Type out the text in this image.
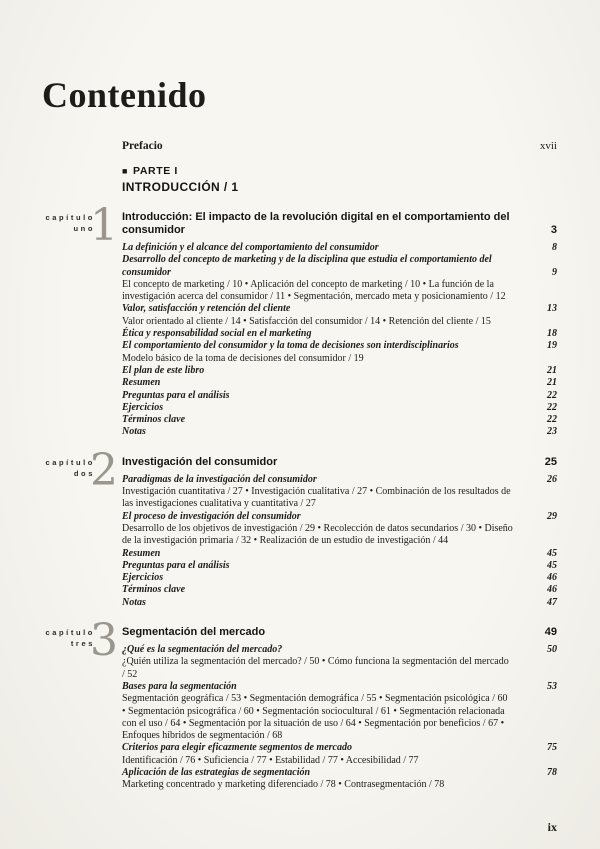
Contenido
Prefacio	xvii
■ PARTE I
INTRODUCCIÓN / 1
capítulo
uno
1 Introducción: El impacto de la revolución digital en el comportamiento del consumidor	3
La definición y el alcance del comportamiento del consumidor	8
Desarrollo del concepto de marketing y de la disciplina que estudia el comportamiento del consumidor	9
El concepto de marketing / 10 • Aplicación del concepto de marketing / 10 • La función de la investigación acerca del consumidor / 11 • Segmentación, mercado meta y posicionamiento / 12
Valor, satisfacción y retención del cliente	13
Valor orientado al cliente / 14 • Satisfacción del consumidor / 14 • Retención del cliente / 15
Ética y responsabilidad social en el marketing	18
El comportamiento del consumidor y la toma de decisiones son interdisciplinarios	19
Modelo básico de la toma de decisiones del consumidor / 19
El plan de este libro	21
Resumen	21
Preguntas para el análisis	22
Ejercicios	22
Términos clave	22
Notas	23
capítulo
dos
2 Investigación del consumidor	25
Paradigmas de la investigación del consumidor	26
Investigación cuantitativa / 27 • Investigación cualitativa / 27 • Combinación de los resultados de las investigaciones cualitativa y cuantitativa / 27
El proceso de investigación del consumidor	29
Desarrollo de los objetivos de investigación / 29 • Recolección de datos secundarios / 30 • Diseño de la investigación primaria / 32 • Realización de un estudio de investigación / 44
Resumen	45
Preguntas para el análisis	45
Ejercicios	46
Términos clave	46
Notas	47
capítulo
tres
3 Segmentación del mercado	49
¿Qué es la segmentación del mercado?	50
¿Quién utiliza la segmentación del mercado? / 50 • Cómo funciona la segmentación del mercado / 52
Bases para la segmentación	53
Segmentación geográfica / 53 • Segmentación demográfica / 55 • Segmentación psicológica / 60 • Segmentación psicográfica / 60 • Segmentación sociocultural / 61 • Segmentación relacionada con el uso / 64 • Segmentación por la situación de uso / 64 • Segmentación por beneficios / 67 • Enfoques híbridos de segmentación / 68
Criterios para elegir eficazmente segmentos de mercado	75
Identificación / 76 • Suficiencia / 77 • Estabilidad / 77 • Accesibilidad / 77
Aplicación de las estrategias de segmentación	78
Marketing concentrado y marketing diferenciado / 78 • Contrasegmentación / 78
ix
